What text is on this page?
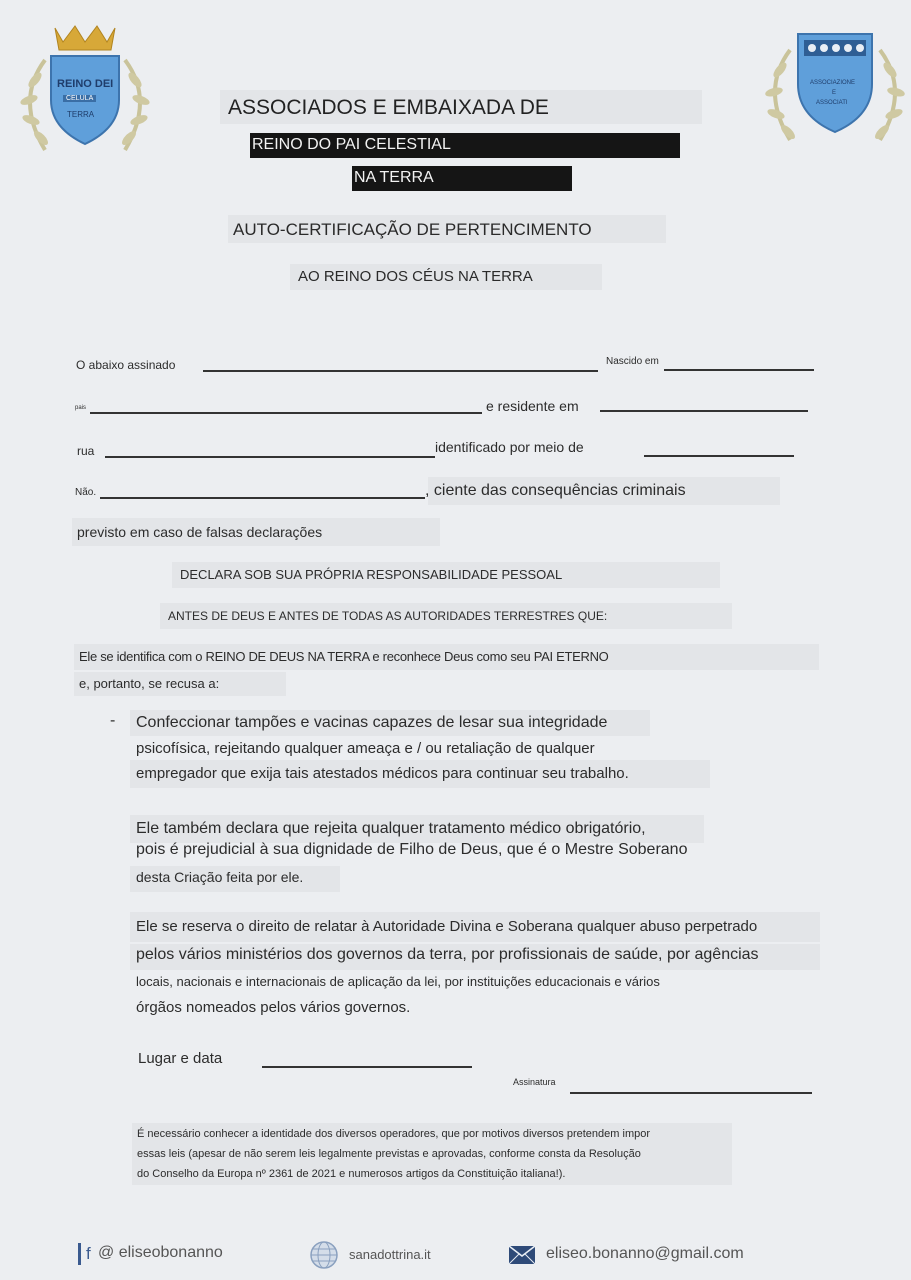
REINO DEI
CELULA
TERRA
ASSOCIAZIONE
E
ASSOCIATI
ASSOCIADOS E EMBAIXADA DE
REINO DO PAI CELESTIAL
NA TERRA
AUTO-CERTIFICAÇÃO DE PERTENCIMENTO
AO REINO DOS CÉUS NA TERRA
O abaixo assinado	Nascido em
pais	e residente em
rua	identificado por meio de
Não.	, ciente das consequências criminais
previsto em caso de falsas declarações
DECLARA SOB SUA PRÓPRIA RESPONSABILIDADE PESSOAL
ANTES DE DEUS E ANTES DE TODAS AS AUTORIDADES TERRESTRES QUE:
Ele se identifica com o REINO DE DEUS NA TERRA e reconhece Deus como seu PAI ETERNO
e, portanto, se recusa a:
- Confeccionar tampões e vacinas capazes de lesar sua integridade
psicofísica, rejeitando qualquer ameaça e / ou retaliação de qualquer
empregador que exija tais atestados médicos para continuar seu trabalho.
Ele também declara que rejeita qualquer tratamento médico obrigatório,
pois é prejudicial à sua dignidade de Filho de Deus, que é o Mestre Soberano
desta Criação feita por ele.
Ele se reserva o direito de relatar à Autoridade Divina e Soberana qualquer abuso perpetrado
pelos vários ministérios dos governos da terra, por profissionais de saúde, por agências
locais, nacionais e internacionais de aplicação da lei, por instituições educacionais e vários
órgãos nomeados pelos vários governos.
Lugar e data
Assinatura
É necessário conhecer a identidade dos diversos operadores, que por motivos diversos pretendem impor
essas leis (apesar de não serem leis legalmente previstas e aprovadas, conforme consta da Resolução
do Conselho da Europa nº 2361 de 2021 e numerosos artigos da Constituição italiana!).
f @ eliseobonanno	sanadottrina.it	eliseo.bonanno@gmail.com
